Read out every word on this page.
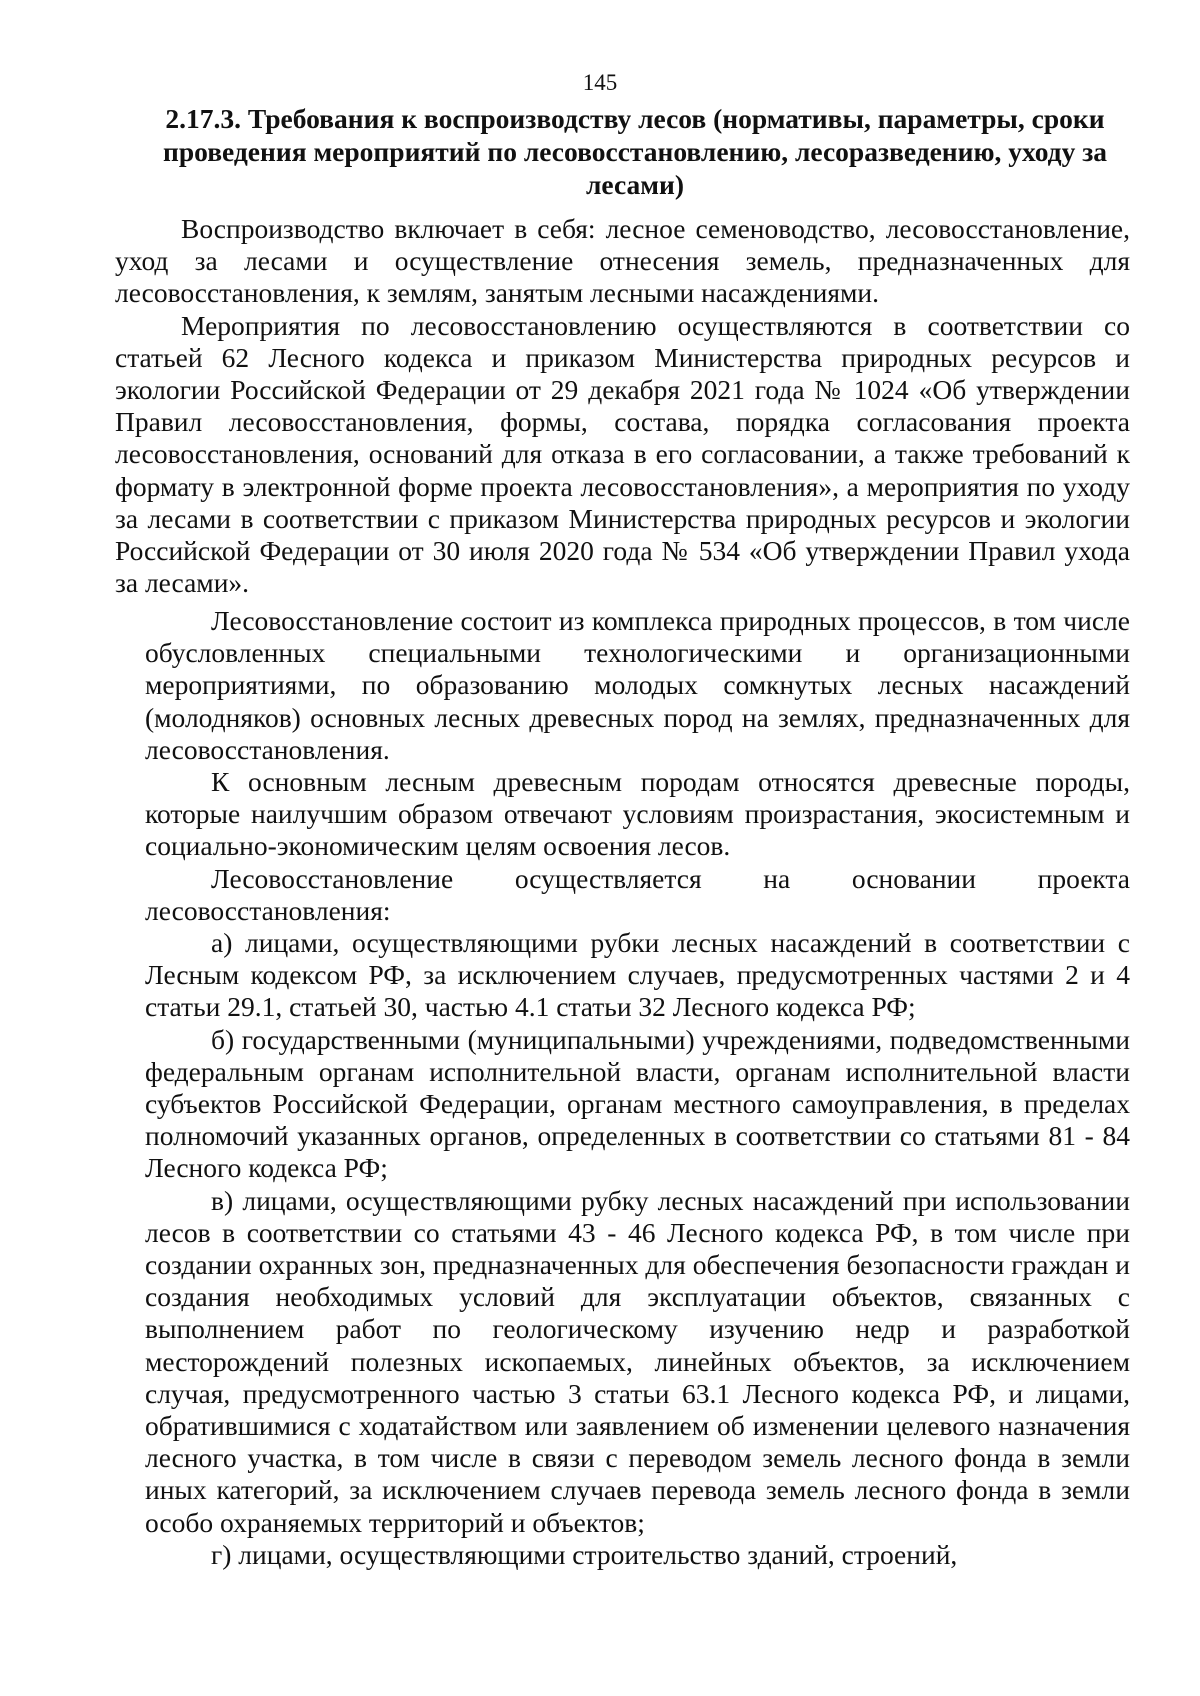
145
2.17.3. Требования к воспроизводству лесов (нормативы, параметры, сроки проведения мероприятий по лесовосстановлению, лесоразведению, уходу за лесами)

Воспроизводство включает в себя: лесное семеноводство, лесовосстановление, уход за лесами и осуществление отнесения земель, предназначенных для лесовосстановления, к землям, занятым лесными насаждениями.

Мероприятия по лесовосстановлению осуществляются в соответствии со статьей 62 Лесного кодекса и приказом Министерства природных ресурсов и экологии Российской Федерации от 29 декабря 2021 года № 1024 «Об утверждении Правил лесовосстановления, формы, состава, порядка согласования проекта лесовосстановления, оснований для отказа в его согласовании, а также требований к формату в электронной форме проекта лесовосстановления», а мероприятия по уходу за лесами в соответствии с приказом Министерства природных ресурсов и экологии Российской Федерации от 30 июля 2020 года № 534 «Об утверждении Правил ухода за лесами».

Лесовосстановление состоит из комплекса природных процессов, в том числе обусловленных специальными технологическими и организационными мероприятиями, по образованию молодых сомкнутых лесных насаждений (молодняков) основных лесных древесных пород на землях, предназначенных для лесовосстановления.

К основным лесным древесным породам относятся древесные породы, которые наилучшим образом отвечают условиям произрастания, экосистемным и социально-экономическим целям освоения лесов.

Лесовосстановление осуществляется на основании проекта лесовосстановления:

а) лицами, осуществляющими рубки лесных насаждений в соответствии с Лесным кодексом РФ, за исключением случаев, предусмотренных частями 2 и 4 статьи 29.1, статьей 30, частью 4.1 статьи 32 Лесного кодекса РФ;

б) государственными (муниципальными) учреждениями, подведомственными федеральным органам исполнительной власти, органам исполнительной власти субъектов Российской Федерации, органам местного самоуправления, в пределах полномочий указанных органов, определенных в соответствии со статьями 81 - 84 Лесного кодекса РФ;

в) лицами, осуществляющими рубку лесных насаждений при использовании лесов в соответствии со статьями 43 - 46 Лесного кодекса РФ, в том числе при создании охранных зон, предназначенных для обеспечения безопасности граждан и создания необходимых условий для эксплуатации объектов, связанных с выполнением работ по геологическому изучению недр и разработкой месторождений полезных ископаемых, линейных объектов, за исключением случая, предусмотренного частью 3 статьи 63.1 Лесного кодекса РФ, и лицами, обратившимися с ходатайством или заявлением об изменении целевого назначения лесного участка, в том числе в связи с переводом земель лесного фонда в земли иных категорий, за исключением случаев перевода земель лесного фонда в земли особо охраняемых территорий и объектов;

г) лицами, осуществляющими строительство зданий, строений,
